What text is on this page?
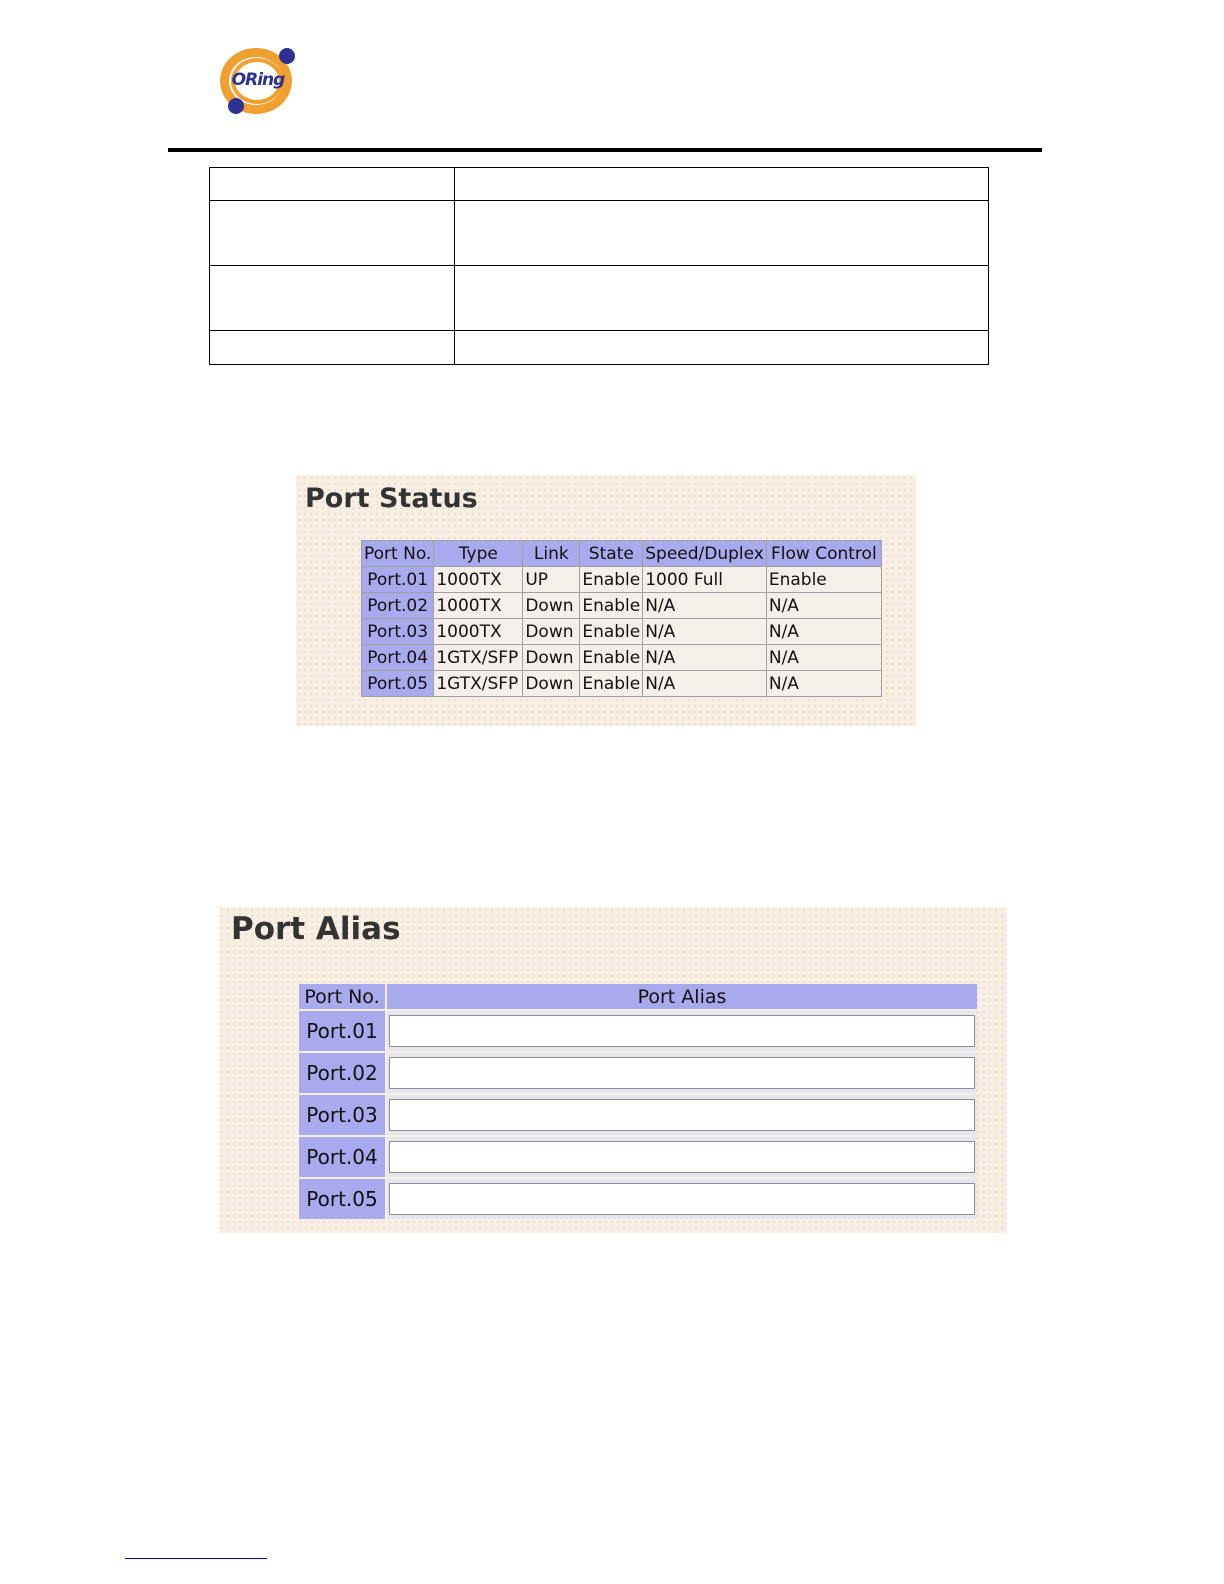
ORing

Port Status
Port No.	Type	Link	State	Speed/Duplex	Flow Control
Port.01	1000TX	UP	Enable	1000 Full	Enable
Port.02	1000TX	Down	Enable	N/A	N/A
Port.03	1000TX	Down	Enable	N/A	N/A
Port.04	1GTX/SFP	Down	Enable	N/A	N/A
Port.05	1GTX/SFP	Down	Enable	N/A	N/A
Port Alias
Port No.	Port Alias
Port.01	
Port.02	
Port.03	
Port.04	
Port.05	
